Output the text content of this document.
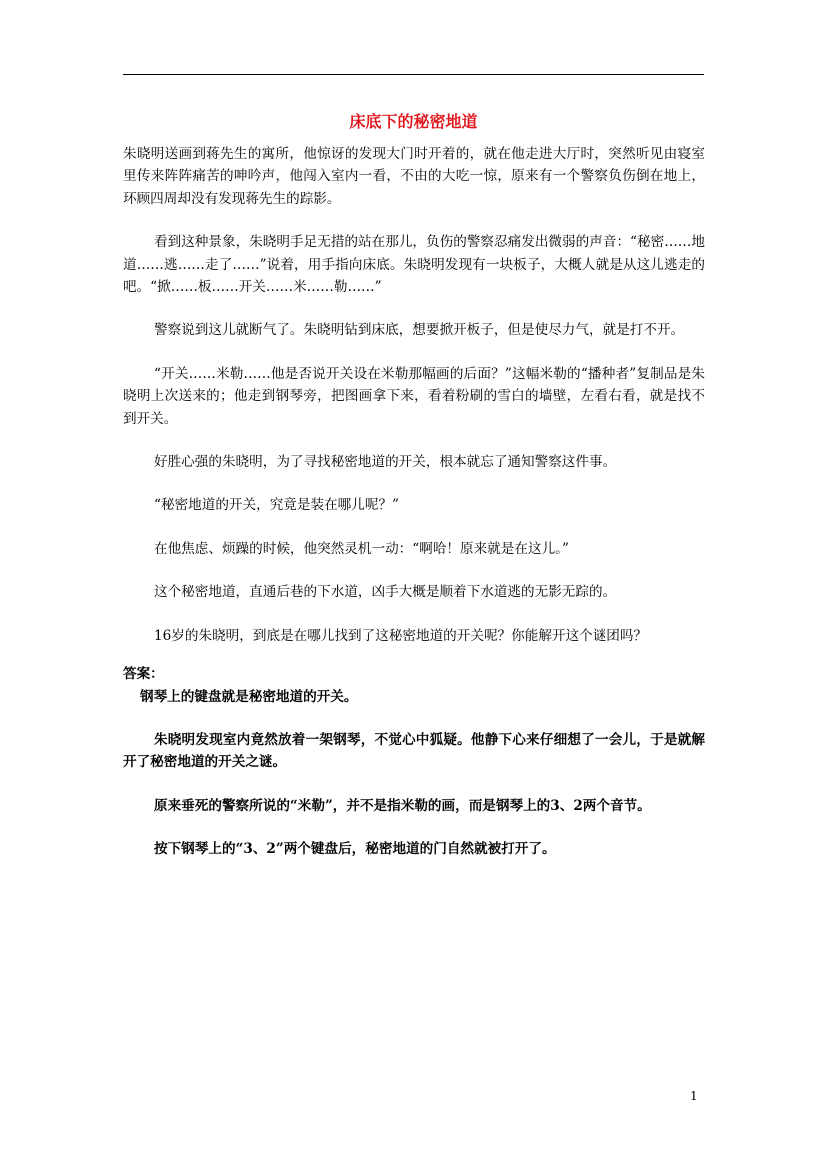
床底下的秘密地道

朱晓明送画到蒋先生的寓所，他惊讶的发现大门时开着的，就在他走进大厅时，突然听见由寝室里传来阵阵痛苦的呻吟声，他闯入室内一看，不由的大吃一惊，原来有一个警察负伤倒在地上，环顾四周却没有发现蒋先生的踪影。

看到这种景象，朱晓明手足无措的站在那儿，负伤的警察忍痛发出微弱的声音：“秘密……地道……逃……走了……”说着，用手指向床底。朱晓明发现有一块板子，大概人就是从这儿逃走的吧。“掀……板……开关……米……勒……”

警察说到这儿就断气了。朱晓明钻到床底，想要掀开板子，但是使尽力气，就是打不开。

“开关……米勒……他是否说开关设在米勒那幅画的后面？”这幅米勒的“播种者”复制品是朱晓明上次送来的；他走到钢琴旁，把图画拿下来，看着粉刷的雪白的墙壁，左看右看，就是找不到开关。

好胜心强的朱晓明，为了寻找秘密地道的开关，根本就忘了通知警察这件事。

“秘密地道的开关，究竟是装在哪儿呢？”

在他焦虑、烦躁的时候，他突然灵机一动：“啊哈！原来就是在这儿。”

这个秘密地道，直通后巷的下水道，凶手大概是顺着下水道逃的无影无踪的。

16岁的朱晓明，到底是在哪儿找到了这秘密地道的开关呢？你能解开这个谜团吗？

答案：

钢琴上的键盘就是秘密地道的开关。

朱晓明发现室内竟然放着一架钢琴，不觉心中狐疑。他静下心来仔细想了一会儿，于是就解开了秘密地道的开关之谜。

原来垂死的警察所说的“米勒”，并不是指米勒的画，而是钢琴上的3、2两个音节。

按下钢琴上的“3、2”两个键盘后，秘密地道的门自然就被打开了。

1
